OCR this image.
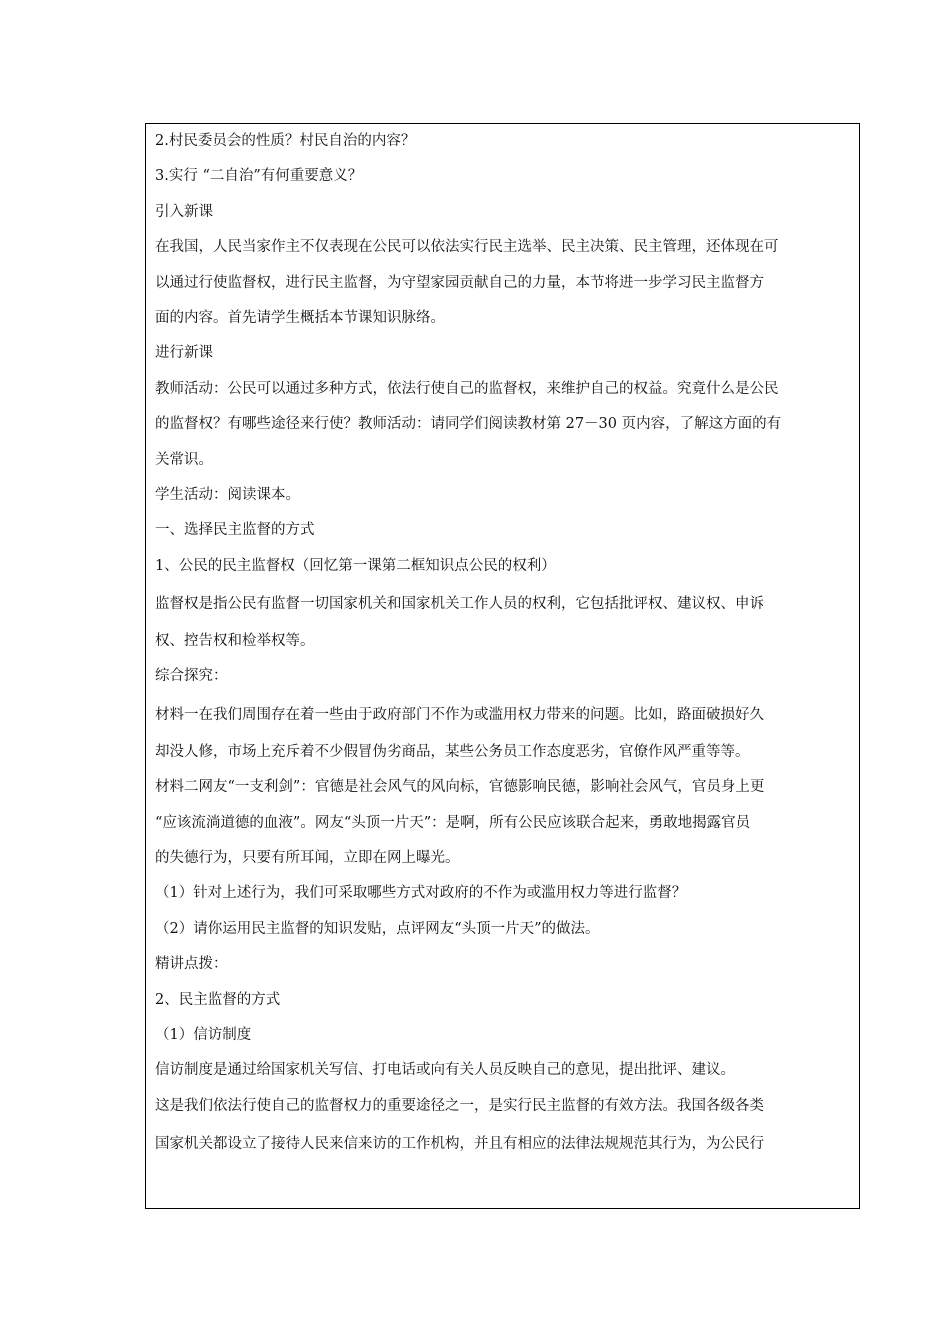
2.村民委员会的性质？村民自治的内容？

3.实行 “二自治”有何重要意义？

引入新课

在我国，人民当家作主不仅表现在公民可以依法实行民主选举、民主决策、民主管理，还体现在可

以通过行使监督权，进行民主监督，为守望家园贡献自己的力量，本节将进一步学习民主监督方

面的内容。首先请学生概括本节课知识脉络。

进行新课

教师活动：公民可以通过多种方式，依法行使自己的监督权，来维护自己的权益。究竟什么是公民

的监督权？有哪些途径来行使？教师活动：请同学们阅读教材第 27－30 页内容，了解这方面的有

关常识。

学生活动：阅读课本。

一、选择民主监督的方式

1、公民的民主监督权（回忆第一课第二框知识点公民的权利）

监督权是指公民有监督一切国家机关和国家机关工作人员的权利，它包括批评权、建议权、申诉

权、控告权和检举权等。

综合探究：

材料一在我们周围存在着一些由于政府部门不作为或滥用权力带来的问题。比如，路面破损好久

却没人修，市场上充斥着不少假冒伪劣商品，某些公务员工作态度恶劣，官僚作风严重等等。

材料二网友“一支利剑”：官德是社会风气的风向标，官德影响民德，影响社会风气，官员身上更

“应该流淌道德的血液”。网友“头顶一片天”：是啊，所有公民应该联合起来，勇敢地揭露官员

的失德行为，只要有所耳闻，立即在网上曝光。

（1）针对上述行为，我们可采取哪些方式对政府的不作为或滥用权力等进行监督？

（2）请你运用民主监督的知识发贴，点评网友“头顶一片天”的做法。

精讲点拨：

2、民主监督的方式

（1）信访制度

信访制度是通过给国家机关写信、打电话或向有关人员反映自己的意见，提出批评、建议。

这是我们依法行使自己的监督权力的重要途径之一，是实行民主监督的有效方法。我国各级各类

国家机关都设立了接待人民来信来访的工作机构，并且有相应的法律法规规范其行为，为公民行
